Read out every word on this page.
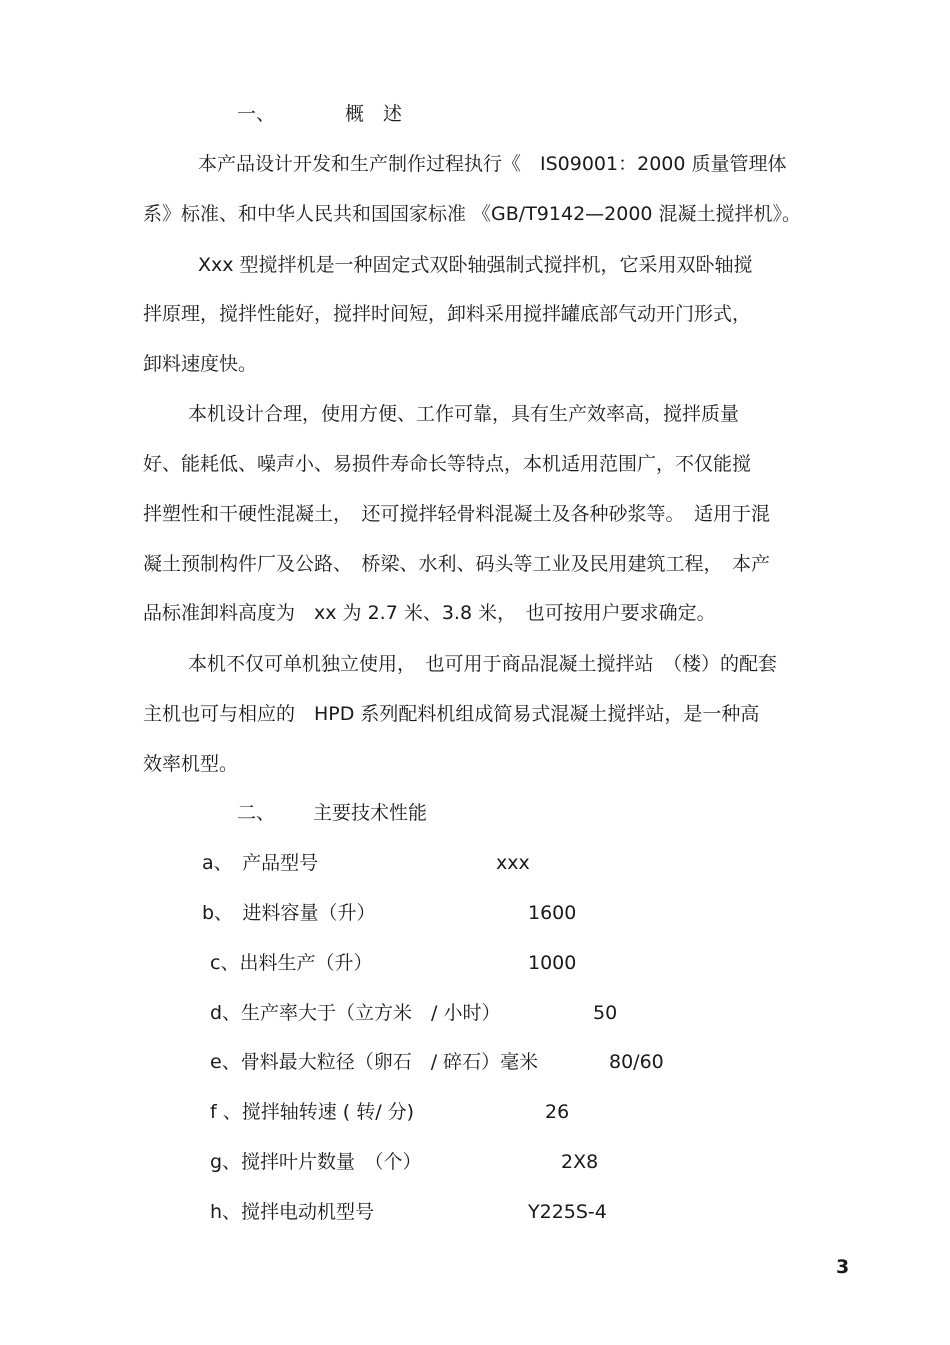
一、	概　述
本产品设计开发和生产制作过程执行《　IS09001：2000 质量管理体
系》标准、和中华人民共和国国家标准 《GB/T9142—2000 混凝土搅拌机》。
Xxx 型搅拌机是一种固定式双卧轴强制式搅拌机，它采用双卧轴搅
拌原理，搅拌性能好，搅拌时间短，卸料采用搅拌罐底部气动开门形式，
卸料速度快。
本机设计合理，使用方便、工作可靠，具有生产效率高，搅拌质量
好、能耗低、噪声小、易损件寿命长等特点，本机适用范围广，不仅能搅
拌塑性和干硬性混凝土，　还可搅拌轻骨料混凝土及各种砂浆等。　适用于混
凝土预制构件厂及公路、　桥梁、水利、码头等工业及民用建筑工程，　本产
品标准卸料高度为　xx 为 2.7 米、3.8 米，　也可按用户要求确定。
本机不仅可单机独立使用，　也可用于商品混凝土搅拌站　（楼）的配套
主机也可与相应的　HPD 系列配料机组成简易式混凝土搅拌站，是一种高
效率机型。
二、 主要技术性能
a、　产品型号	xxx
b、　进料容量（升）	1600
c、出料生产（升）	1000
d、生产率大于（立方米　/ 小时）	50
e、骨料最大粒径（卵石　/ 碎石）毫米	80/60
f 、搅拌轴转速 ( 转/ 分)	26
g、搅拌叶片数量　（个）	2X8
h、搅拌电动机型号	Y225S-4
3
